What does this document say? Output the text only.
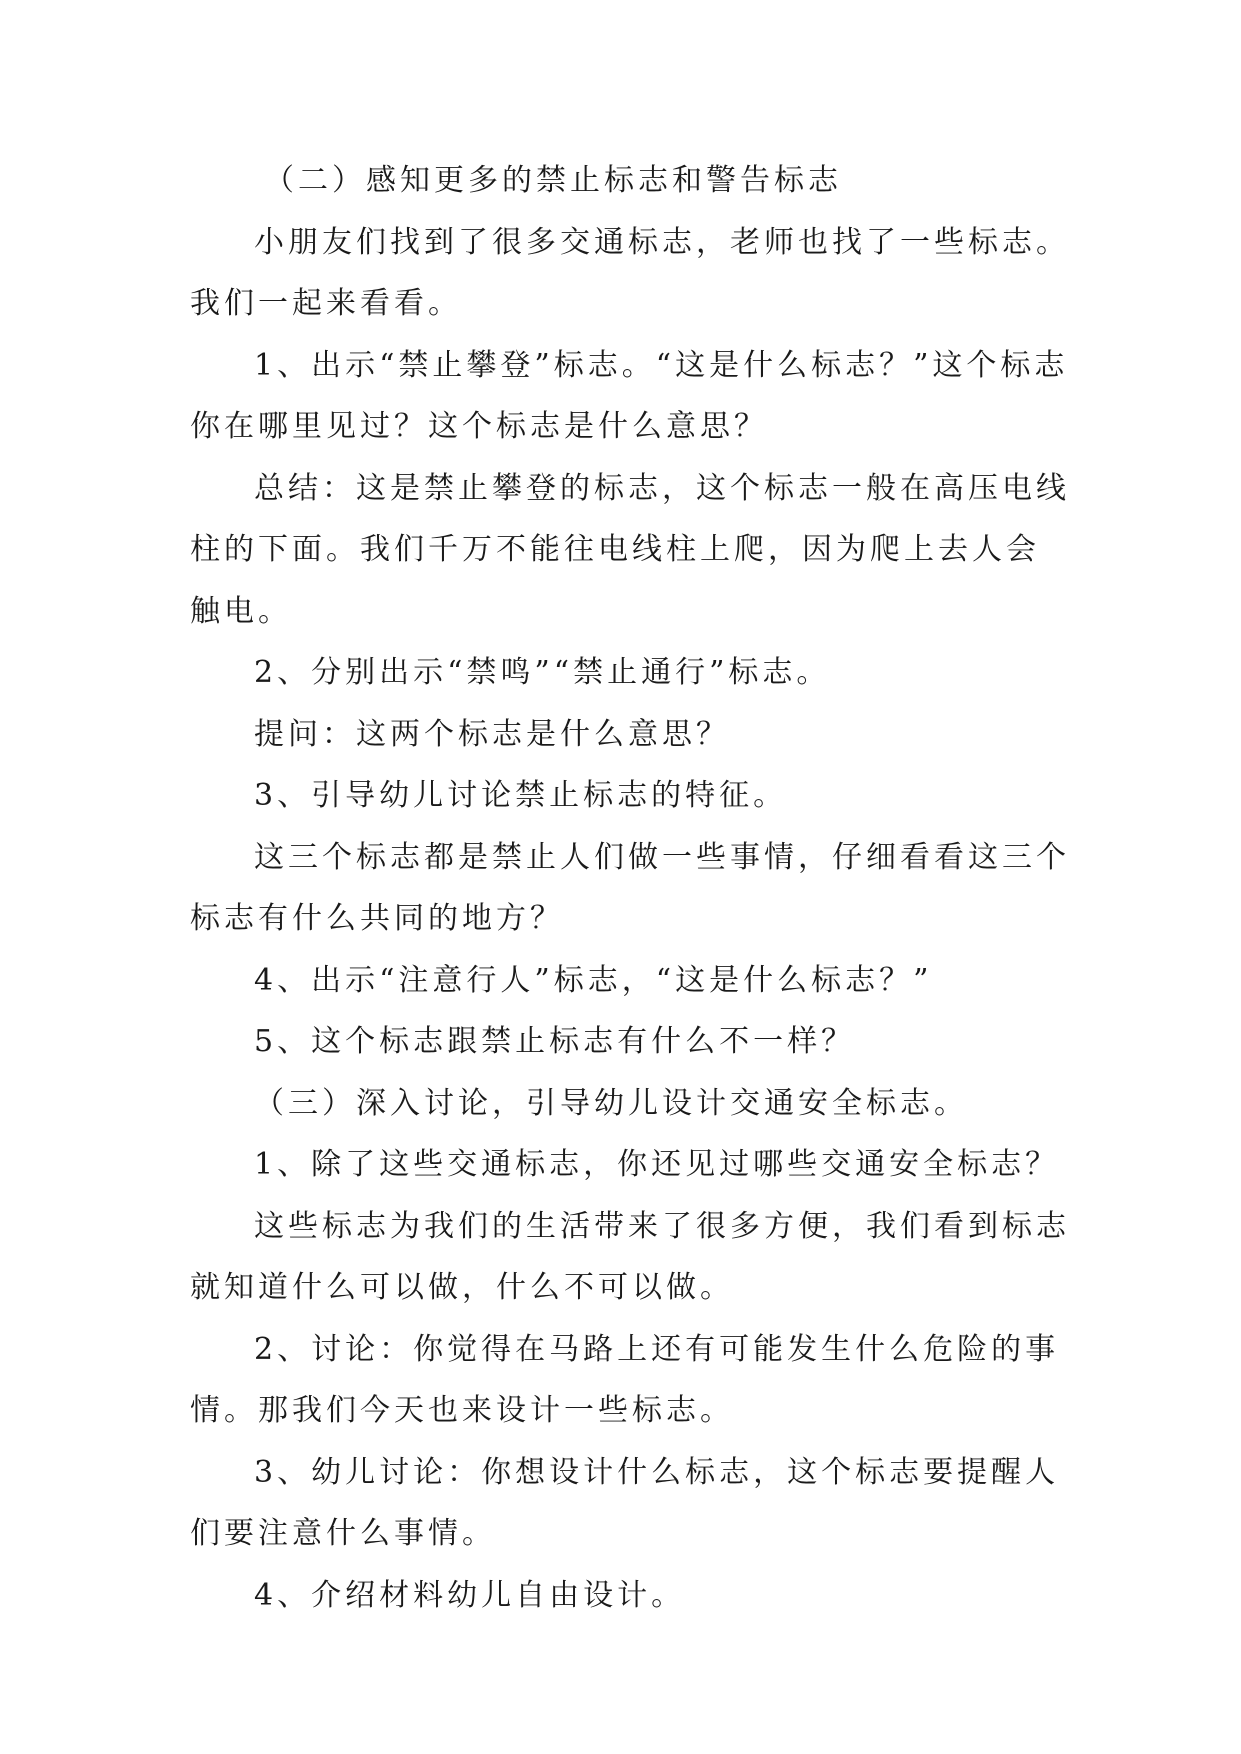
（二）感知更多的禁止标志和警告标志

小朋友们找到了很多交通标志，老师也找了一些标志。我们一起来看看。

1、出示“禁止攀登”标志。“这是什么标志？”这个标志你在哪里见过？这个标志是什么意思？

总结：这是禁止攀登的标志，这个标志一般在高压电线柱的下面。我们千万不能往电线柱上爬，因为爬上去人会触电。

2、分别出示“禁鸣”“禁止通行”标志。

提问：这两个标志是什么意思？

3、引导幼儿讨论禁止标志的特征。

这三个标志都是禁止人们做一些事情，仔细看看这三个标志有什么共同的地方？

4、出示“注意行人”标志，“这是什么标志？”

5、这个标志跟禁止标志有什么不一样？

（三）深入讨论，引导幼儿设计交通安全标志。

1、除了这些交通标志，你还见过哪些交通安全标志？

这些标志为我们的生活带来了很多方便，我们看到标志就知道什么可以做，什么不可以做。

2、讨论：你觉得在马路上还有可能发生什么危险的事情。那我们今天也来设计一些标志。

3、幼儿讨论：你想设计什么标志，这个标志要提醒人们要注意什么事情。

4、介绍材料幼儿自由设计。
